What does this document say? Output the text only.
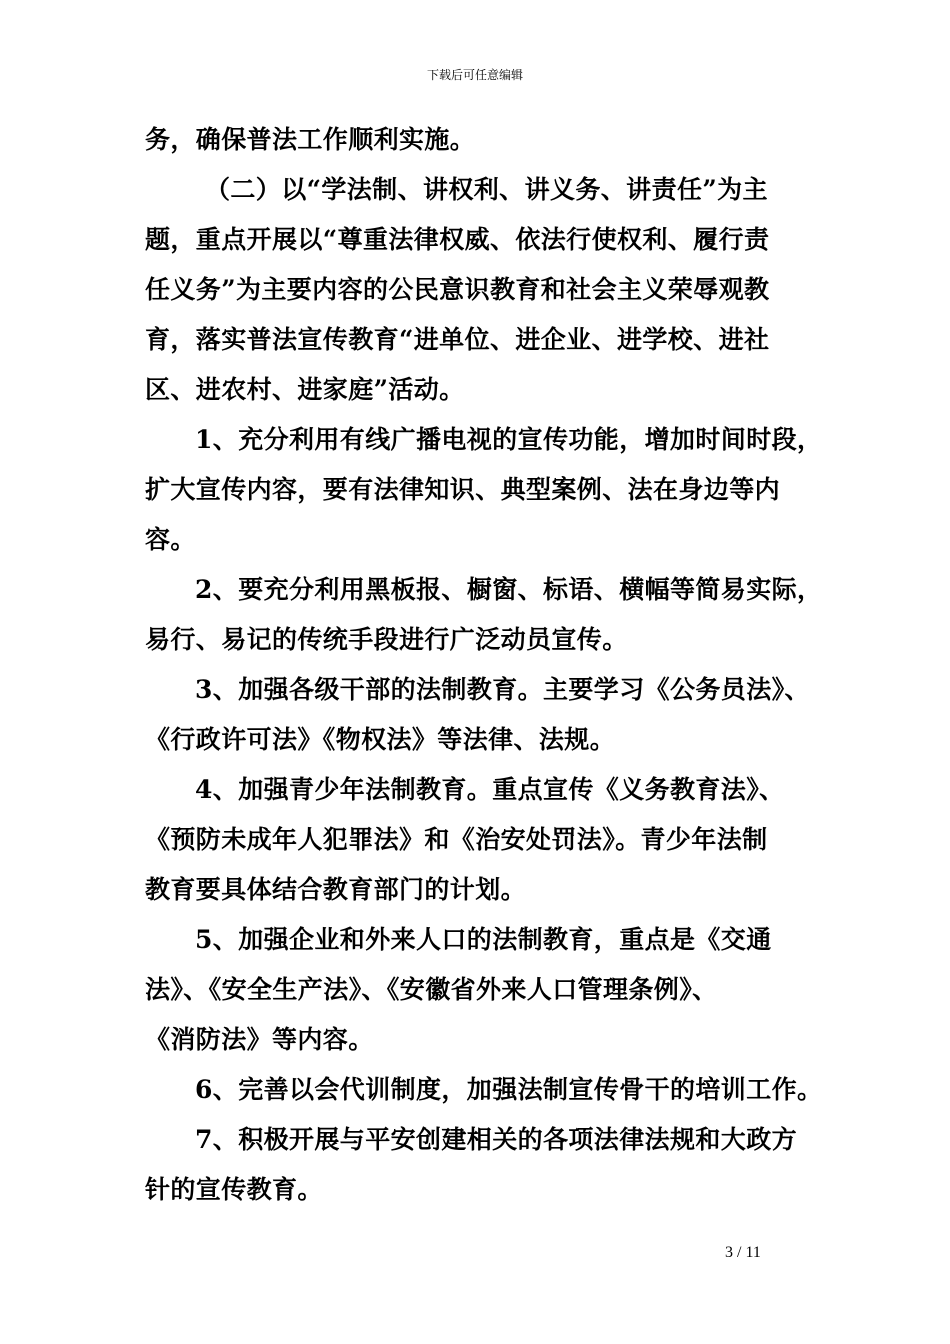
下载后可任意编辑
务，确保普法工作顺利实施。
（二）以“学法制、讲权利、讲义务、讲责任”为主
题，重点开展以“尊重法律权威、依法行使权利、履行责
任义务”为主要内容的公民意识教育和社会主义荣辱观教
育，落实普法宣传教育“进单位、进企业、进学校、进社
区、进农村、进家庭”活动。
1、充分利用有线广播电视的宣传功能，增加时间时段，
扩大宣传内容，要有法律知识、典型案例、法在身边等内
容。
2、要充分利用黑板报、橱窗、标语、横幅等简易实际，
易行、易记的传统手段进行广泛动员宣传。
3、加强各级干部的法制教育。主要学习《公务员法》、
《行政许可法》《物权法》等法律、法规。
4、加强青少年法制教育。重点宣传《义务教育法》、
《预防未成年人犯罪法》和《治安处罚法》。青少年法制
教育要具体结合教育部门的计划。
5、加强企业和外来人口的法制教育，重点是《交通
法》、《安全生产法》、《安徽省外来人口管理条例》、
《消防法》等内容。
6、完善以会代训制度，加强法制宣传骨干的培训工作。
7、积极开展与平安创建相关的各项法律法规和大政方
针的宣传教育。
3 / 11
